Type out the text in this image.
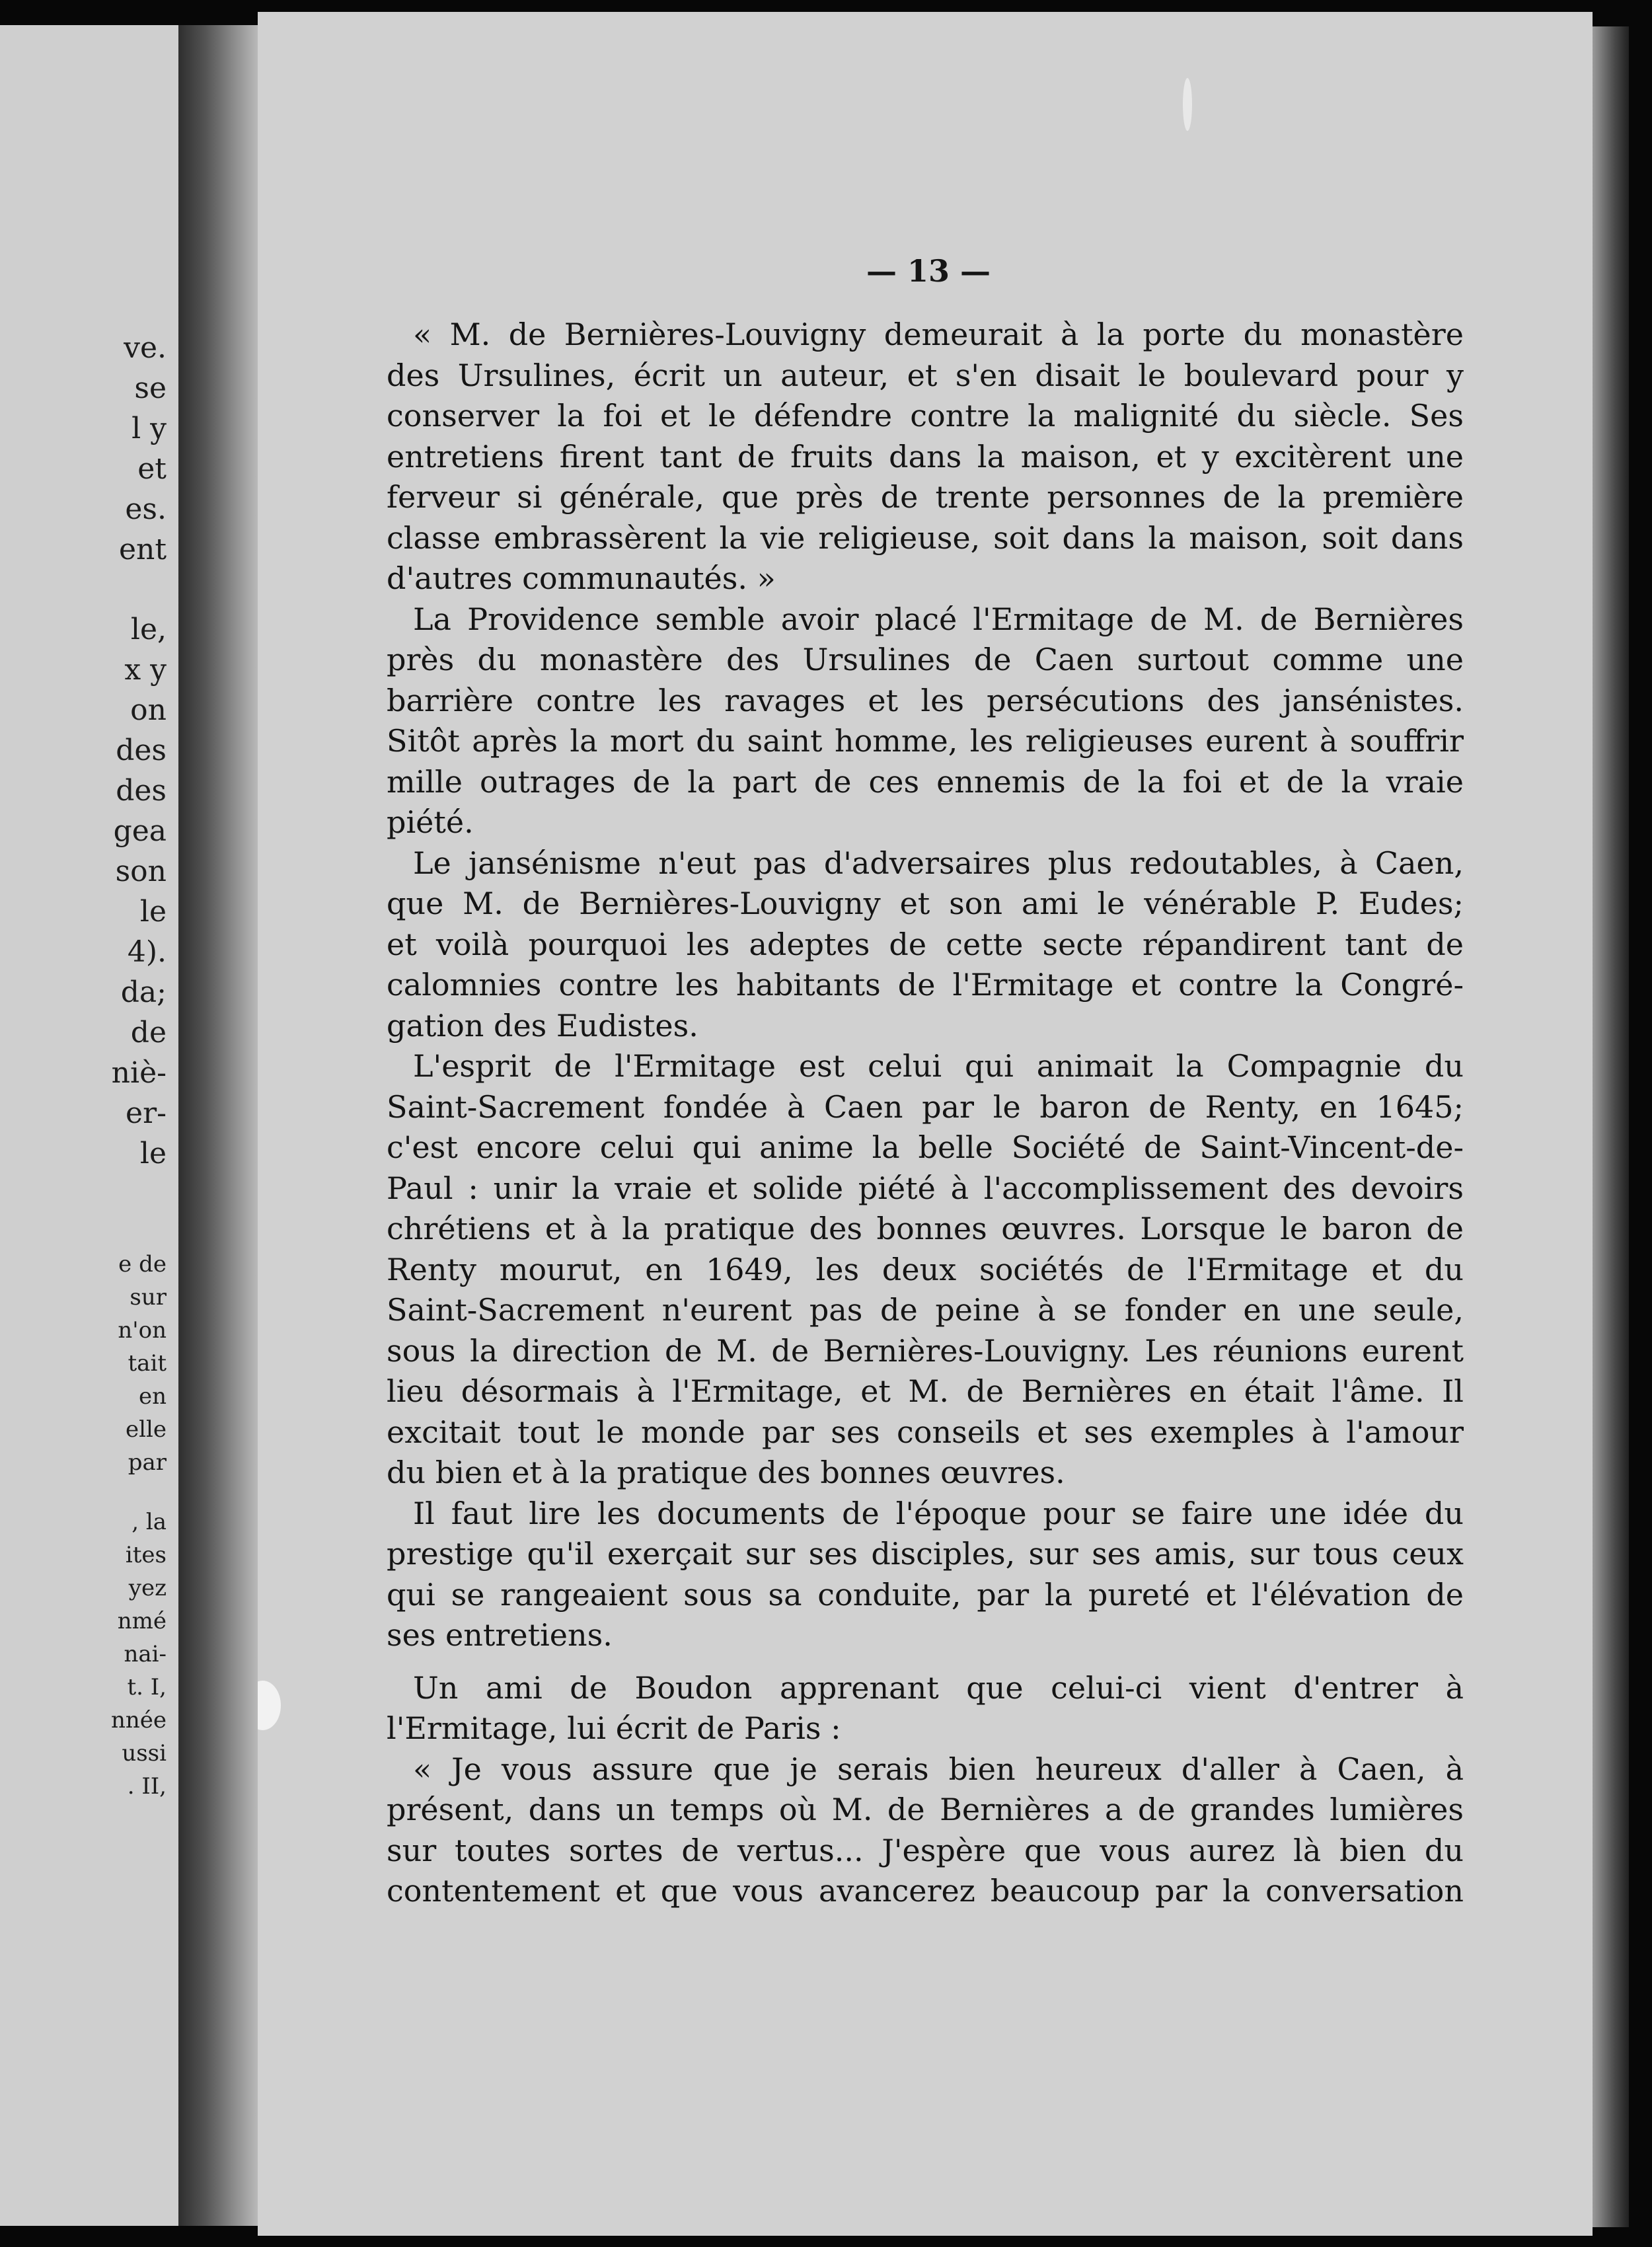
ve.
se
l y
et
es.
ent
le,
x y
on
des
des
gea
son
le
4).
da;
de
niè-
er-
le
e de
sur
n'on
tait
en
elle
par
, la
ites
yez
nmé
nai-
t. I,
nnée
ussi
. II,
— 13 —
« M. de Bernières-Louvigny demeurait à la porte du monastère
des Ursulines, écrit un auteur, et s'en disait le boulevard pour y
conserver la foi et le défendre contre la malignité du siècle. Ses
entretiens firent tant de fruits dans la maison, et y excitèrent une
ferveur si générale, que près de trente personnes de la première
classe embrassèrent la vie religieuse, soit dans la maison, soit dans
d'autres communautés. »
La Providence semble avoir placé l'Ermitage de M. de Bernières
près du monastère des Ursulines de Caen surtout comme une
barrière contre les ravages et les persécutions des jansénistes.
Sitôt après la mort du saint homme, les religieuses eurent à souffrir
mille outrages de la part de ces ennemis de la foi et de la vraie
piété.
Le jansénisme n'eut pas d'adversaires plus redoutables, à Caen,
que M. de Bernières-Louvigny et son ami le vénérable P. Eudes;
et voilà pourquoi les adeptes de cette secte répandirent tant de
calomnies contre les habitants de l'Ermitage et contre la Congré-
gation des Eudistes.
L'esprit de l'Ermitage est celui qui animait la Compagnie du
Saint-Sacrement fondée à Caen par le baron de Renty, en 1645;
c'est encore celui qui anime la belle Société de Saint-Vincent-de-
Paul : unir la vraie et solide piété à l'accomplissement des devoirs
chrétiens et à la pratique des bonnes œuvres. Lorsque le baron de
Renty mourut, en 1649, les deux sociétés de l'Ermitage et du
Saint-Sacrement n'eurent pas de peine à se fonder en une seule,
sous la direction de M. de Bernières-Louvigny. Les réunions eurent
lieu désormais à l'Ermitage, et M. de Bernières en était l'âme. Il
excitait tout le monde par ses conseils et ses exemples à l'amour
du bien et à la pratique des bonnes œuvres.
Il faut lire les documents de l'époque pour se faire une idée du
prestige qu'il exerçait sur ses disciples, sur ses amis, sur tous ceux
qui se rangeaient sous sa conduite, par la pureté et l'élévation de
ses entretiens.
Un ami de Boudon apprenant que celui-ci vient d'entrer à
l'Ermitage, lui écrit de Paris :
« Je vous assure que je serais bien heureux d'aller à Caen, à
présent, dans un temps où M. de Bernières a de grandes lumières
sur toutes sortes de vertus... J'espère que vous aurez là bien du
contentement et que vous avancerez beaucoup par la conversation
